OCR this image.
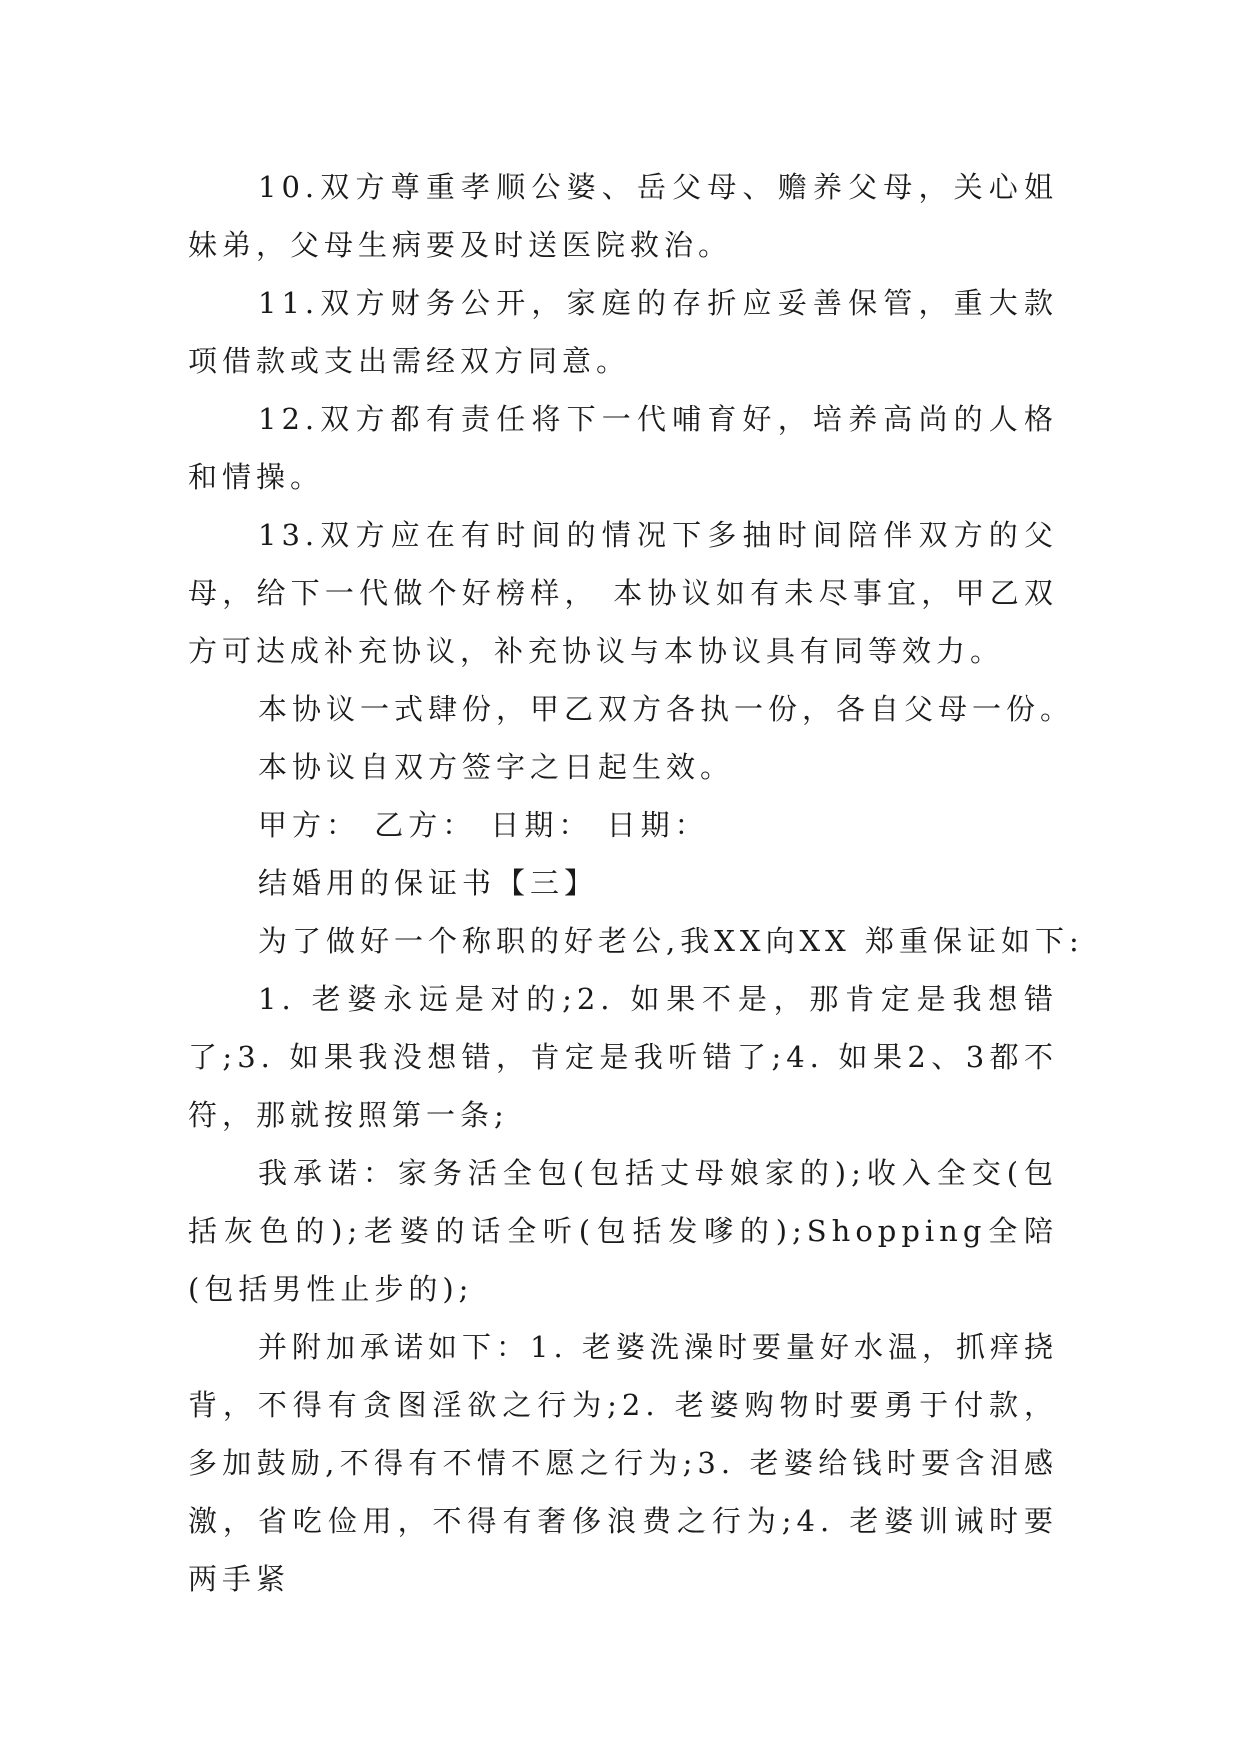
10.双方尊重孝顺公婆、岳父母、赡养父母，关心姐妹弟，父母生病要及时送医院救治。

11.双方财务公开，家庭的存折应妥善保管，重大款项借款或支出需经双方同意。

12.双方都有责任将下一代哺育好，培养高尚的人格和情操。

13.双方应在有时间的情况下多抽时间陪伴双方的父母，给下一代做个好榜样， 本协议如有未尽事宜，甲乙双方可达成补充协议，补充协议与本协议具有同等效力。

本协议一式肆份，甲乙双方各执一份，各自父母一份。

本协议自双方签字之日起生效。

甲方： 乙方： 日期： 日期：

结婚用的保证书【三】

为了做好一个称职的好老公,我XX向XX 郑重保证如下:

1. 老婆永远是对的;2. 如果不是，那肯定是我想错了;3. 如果我没想错，肯定是我听错了;4. 如果2、3都不符，那就按照第一条;

我承诺：家务活全包(包括丈母娘家的);收入全交(包括灰色的);老婆的话全听(包括发嗲的);Shopping全陪(包括男性止步的);

并附加承诺如下：1. 老婆洗澡时要量好水温，抓痒挠背，不得有贪图淫欲之行为;2. 老婆购物时要勇于付款，多加鼓励,不得有不情不愿之行为;3. 老婆给钱时要含泪感激，省吃俭用，不得有奢侈浪费之行为;4. 老婆训诫时要两手紧
